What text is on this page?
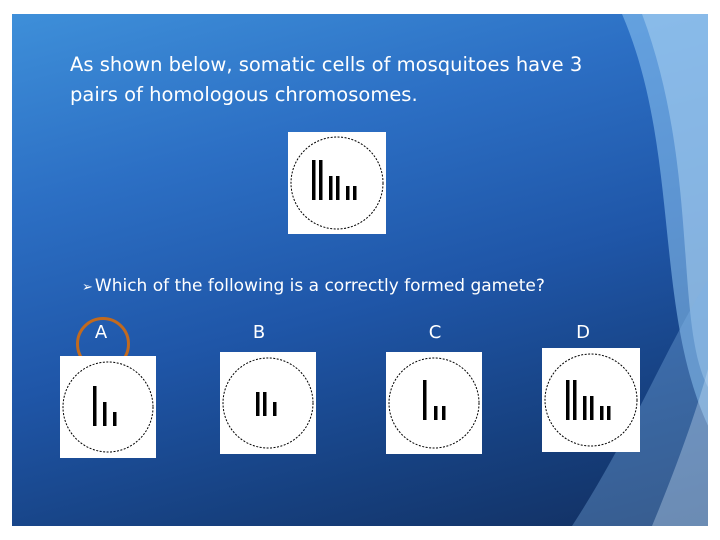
As shown below, somatic cells of mosquitoes have 3 pairs of homologous chromosomes.

➢ Which of the following is a correctly formed gamete?
A	B	C	D
